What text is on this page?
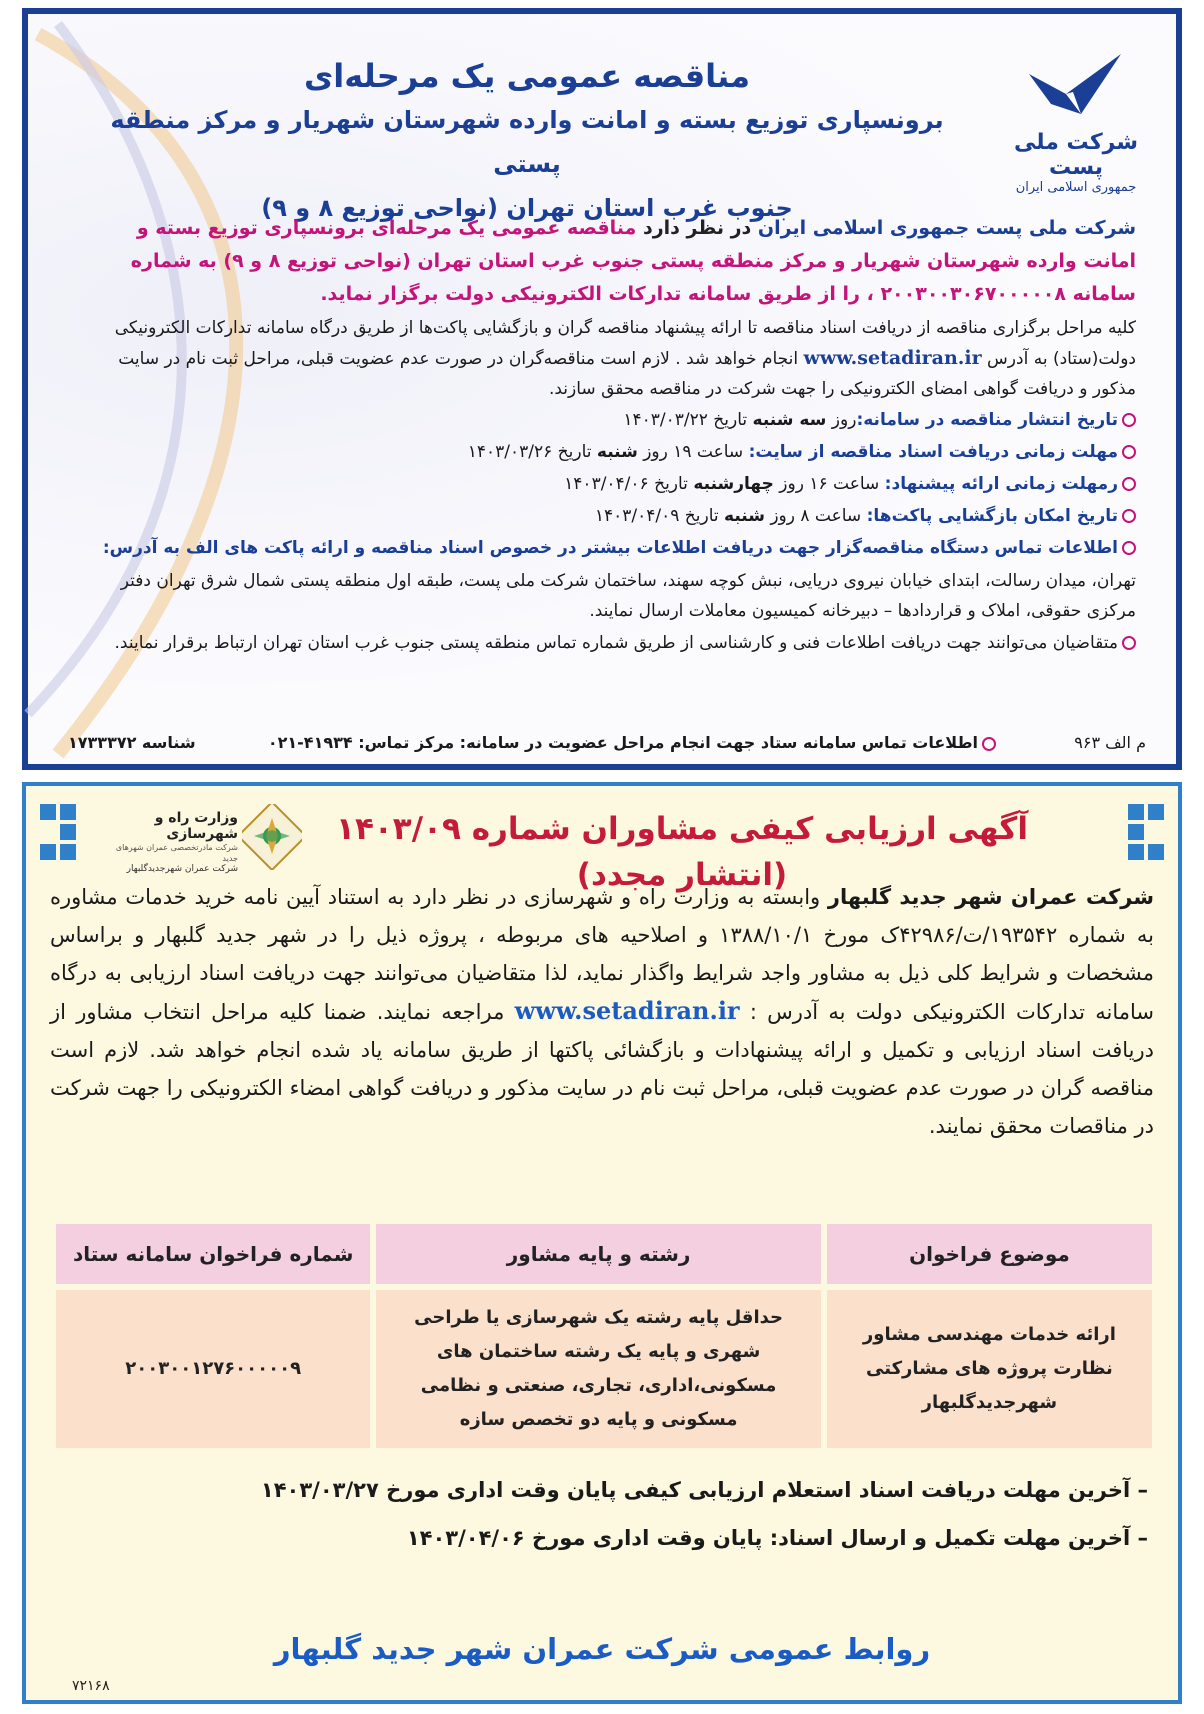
شرکت ملی پست
جمهوری اسلامی ایران
مناقصه عمومی یک مرحله‌ای
برونسپاری توزیع بسته و امانت وارده شهرستان شهریار و مرکز منطقه پستی
جنوب غرب استان تهران (نواحی توزیع ۸ و ۹)
شرکت ملی پست جمهوری اسلامی ایران در نظر دارد مناقصه عمومی یک مرحله‌ای برونسپاری توزیع بسته و امانت وارده شهرستان شهریار و مرکز منطقه پستی جنوب غرب استان تهران (نواحی توزیع ۸ و ۹) به شماره سامانه ۲۰۰۳۰۰۳۰۶۷۰۰۰۰۰۸ ، را از طریق سامانه تدارکات الکترونیکی دولت برگزار نماید.
کلیه مراحل برگزاری مناقصه از دریافت اسناد مناقصه تا ارائه پیشنهاد مناقصه گران و بازگشایی پاکت‌ها از طریق درگاه سامانه تدارکات الکترونیکی دولت(ستاد) به آدرس www.setadiran.ir انجام خواهد شد . لازم است مناقصه‌گران در صورت عدم عضویت قبلی، مراحل ثبت نام در سایت مذکور و دریافت گواهی امضای الکترونیکی را جهت شرکت در مناقصه محقق سازند.
تاریخ انتشار مناقصه در سامانه:روز سه شنبه تاریخ ۱۴۰۳/۰۳/۲۲
مهلت زمانی دریافت اسناد مناقصه از سایت: ساعت ۱۹ روز شنبه تاریخ ۱۴۰۳/۰۳/۲۶
رمهلت زمانی ارائه پیشنهاد: ساعت ۱۶ روز چهارشنبه تاریخ ۱۴۰۳/۰۴/۰۶
تاریخ امکان بازگشایی پاکت‌ها: ساعت ۸ روز شنبه تاریخ ۱۴۰۳/۰۴/۰۹
اطلاعات تماس دستگاه مناقصه‌گزار جهت دریافت اطلاعات بیشتر در خصوص اسناد مناقصه و ارائه پاکت های الف به آدرس:
تهران، میدان رسالت، ابتدای خیابان نیروی دریایی، نبش کوچه سهند، ساختمان شرکت ملی پست، طبقه اول منطقه پستی شمال شرق تهران دفتر مرکزی حقوقی، املاک و قراردادها – دبیرخانه کمیسیون معاملات ارسال نمایند.
متقاضیان می‌توانند جهت دریافت اطلاعات فنی و کارشناسی از طریق شماره تماس منطقه پستی جنوب غرب استان تهران ارتباط برقرار نمایند.
م الف ۹۶۳
اطلاعات تماس سامانه ستاد جهت انجام مراحل عضویت در سامانه: مرکز تماس: ۴۱۹۳۴-۰۲۱
شناسه ۱۷۳۳۳۷۲
وزارت راه و شهرسازی
شرکت مادرتخصصی عمران شهرهای جدید
شرکت عمران شهرجدیدگلبهار
آگهی ارزیابی کیفی مشاوران شماره ۱۴۰۳/۰۹ (انتشار مجدد)
شرکت عمران شهر جدید گلبهار وابسته به وزارت راه و شهرسازی در نظر دارد به استناد آیین نامه خرید خدمات مشاوره به شماره ۱۹۳۵۴۲/ت/۴۲۹۸۶ک مورخ ۱۳۸۸/۱۰/۱ و اصلاحیه های مربوطه ، پروژه ذیل را در شهر جدید گلبهار و براساس مشخصات و شرایط کلی ذیل به مشاور واجد شرایط واگذار نماید، لذا متقاضیان می‌توانند جهت دریافت اسناد ارزیابی به درگاه سامانه تدارکات الکترونیکی دولت به آدرس : www.setadiran.ir مراجعه نمایند. ضمنا کلیه مراحل انتخاب مشاور از دریافت اسناد ارزیابی و تکمیل و ارائه پیشنهادات و بازگشائی پاکتها از طریق سامانه یاد شده انجام خواهد شد. لازم است مناقصه گران در صورت عدم عضویت قبلی، مراحل ثبت نام در سایت مذکور و دریافت گواهی امضاء الکترونیکی را جهت شرکت در مناقصات محقق نمایند.
موضوع فراخوان	رشته و پایه مشاور	شماره فراخوان سامانه ستاد
ارائه خدمات مهندسی مشاور نظارت پروژه های مشارکتی شهرجدیدگلبهار	حداقل پایه رشته یک شهرسازی یا طراحی شهری و پایه یک رشته ساختمان های مسکونی،اداری، تجاری، صنعتی و نظامی مسکونی و پایه دو تخصص سازه	۲۰۰۳۰۰۱۲۷۶۰۰۰۰۰۹
– آخرین مهلت دریافت اسناد استعلام ارزیابی کیفی پایان وقت اداری مورخ ۱۴۰۳/۰۳/۲۷
– آخرین مهلت تکمیل و ارسال اسناد: پایان وقت اداری مورخ ۱۴۰۳/۰۴/۰۶
روابط عمومی شرکت عمران شهر جدید گلبهار
۷۲۱۶۸
